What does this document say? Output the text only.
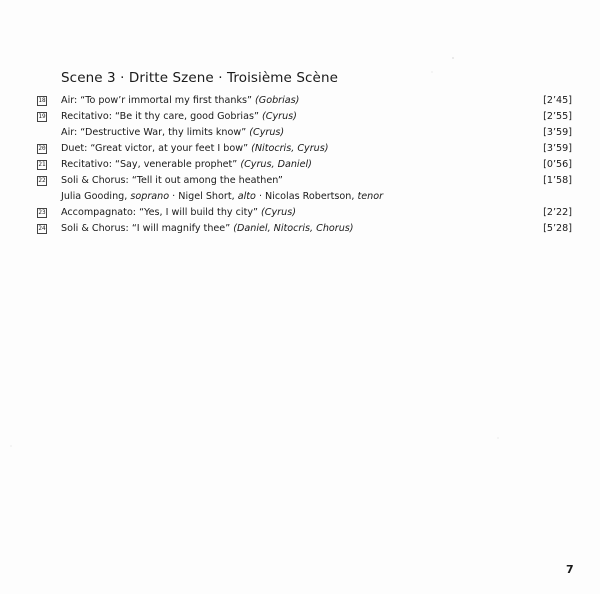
Scene 3 · Dritte Szene · Troisième Scène
18 Air: “To pow’r immortal my first thanks” (Gobrias)	[2’45]
19 Recitativo: “Be it thy care, good Gobrias” (Cyrus)	[2’55]
Air: “Destructive War, thy limits know” (Cyrus)	[3’59]
20 Duet: “Great victor, at your feet I bow” (Nitocris, Cyrus)	[3’59]
21 Recitativo: “Say, venerable prophet” (Cyrus, Daniel)	[0’56]
22 Soli & Chorus: “Tell it out among the heathen”	[1’58]
Julia Gooding, soprano · Nigel Short, alto · Nicolas Robertson, tenor
23 Accompagnato: “Yes, I will build thy city” (Cyrus)	[2’22]
24 Soli & Chorus: “I will magnify thee” (Daniel, Nitocris, Chorus)	[5’28]
7
